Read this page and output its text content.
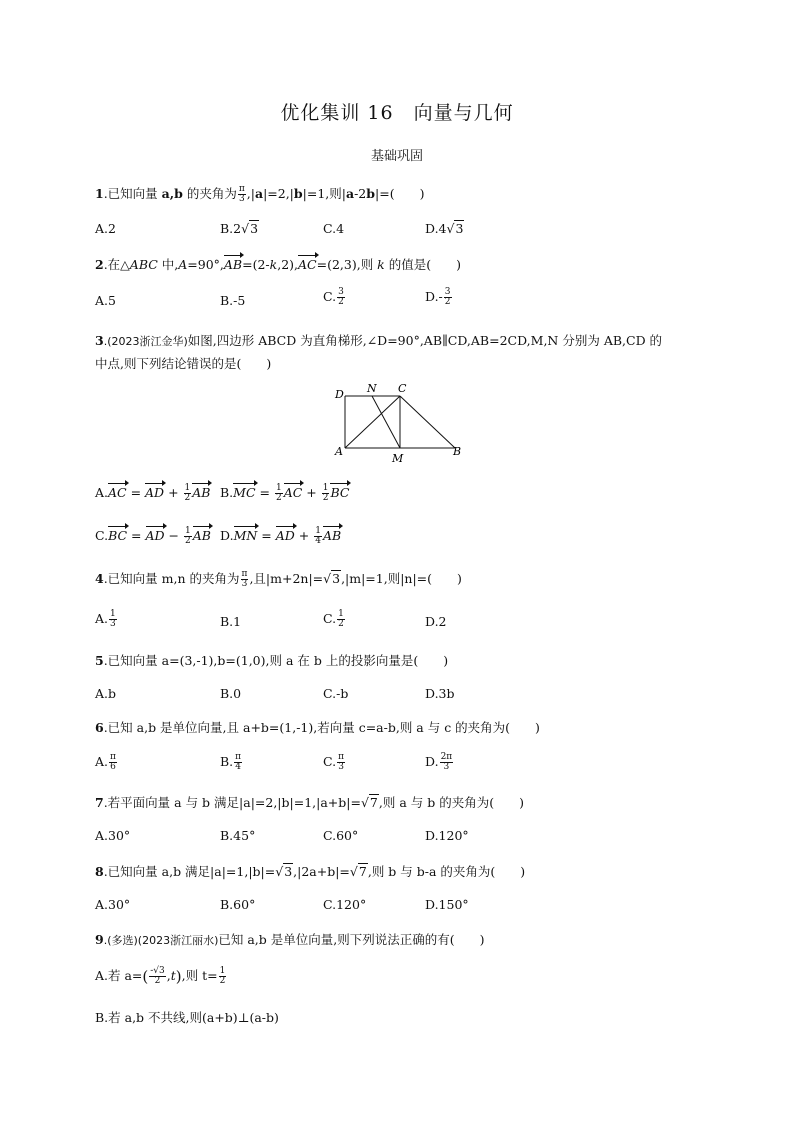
优化集训 16　向量与几何
基础巩固
1.已知向量 a,b 的夹角为 $\frac{\pi}{3} ,|a|=2,|b|=1$,则|a-2b|=(　　)
A.2	B.2√3	C.4	D.4√3
2.在△ABC 中,A=90°,AB=(2-k,2),AC=(2,3),则 k 的值是(　　)
A.5	B.-5	C. $\frac{3}{2}$	$D.- \frac{3}{2}$
3.(2023浙江金华)如图,四边形 ABCD 为直角梯形,∠D=90°,AB∥CD,AB=2CD,M,N 分别为 AB,CD 的
中点,则下列结论错误的是(　　)
D N C
A
M
B
A.AC = AD + $\frac{1}{2}$ AB $B.MC = \frac{1}{2}$ AC + $\frac{1}{2}$ BC
C.BC = AD − $\frac{1}{2}$ AB D.MN = AD + $\frac{1}{4}$ AB
4.已知向量 m,n 的夹角为 $\frac{\pi}{3}$ ,且|m+2n|=√3,|m|=1,则|n|=(　　)
A. $\frac{1}{3}$	B.1	C. $\frac{1}{2}$	D.2
5.已知向量 a=(3,-1),b=(1,0),则 a 在 b 上的投影向量是(　　)
A.b	B.0	C.-b	D.3b
6.已知 a,b 是单位向量,且 a+b=(1,-1),若向量 c=a-b,则 a 与 c 的夹角为(　　)
A. $\frac{\pi}{6}$	B. $\frac{\pi}{4}$	C. $\frac{\pi}{3}$	D. $\frac{2\pi}{3}$
7.若平面向量 a 与 b 满足|a|=2,|b|=1,|a+b|=√7,则 a 与 b 的夹角为(　　)
A.30°	B.45°	C.60°	D.120°
8.已知向量 a,b 满足|a|=1,|b|=√3,|2a+b|=√7,则 b 与 b-a 的夹角为(　　)
A.30°	B.60°	C.120°	D.150°
9.(多选)(2023浙江丽水)已知 a,b 是单位向量,则下列说法正确的有(　　)
A.若 $a=( \frac{-√3}{2} ,t)$,则 $t= \frac{1}{2}$
B.若 a,b 不共线,则(a+b)⊥(a-b)
